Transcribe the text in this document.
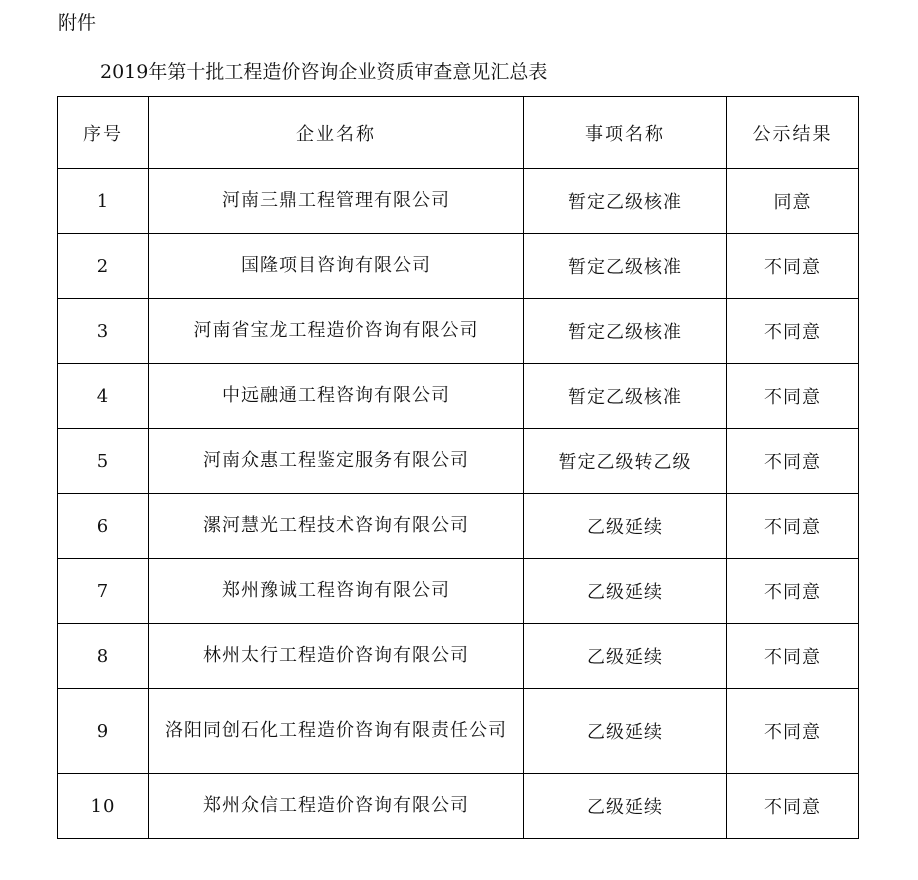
附件
2019年第十批工程造价咨询企业资质审查意见汇总表
序号	企业名称	事项名称	公示结果
1	河南三鼎工程管理有限公司	暂定乙级核准	同意
2	国隆项目咨询有限公司	暂定乙级核准	不同意
3	河南省宝龙工程造价咨询有限公司	暂定乙级核准	不同意
4	中远融通工程咨询有限公司	暂定乙级核准	不同意
5	河南众惠工程鉴定服务有限公司	暂定乙级转乙级	不同意
6	漯河慧光工程技术咨询有限公司	乙级延续	不同意
7	郑州豫诚工程咨询有限公司	乙级延续	不同意
8	林州太行工程造价咨询有限公司	乙级延续	不同意
9	洛阳同创石化工程造价咨询有限责任公司	乙级延续	不同意
10	郑州众信工程造价咨询有限公司	乙级延续	不同意
